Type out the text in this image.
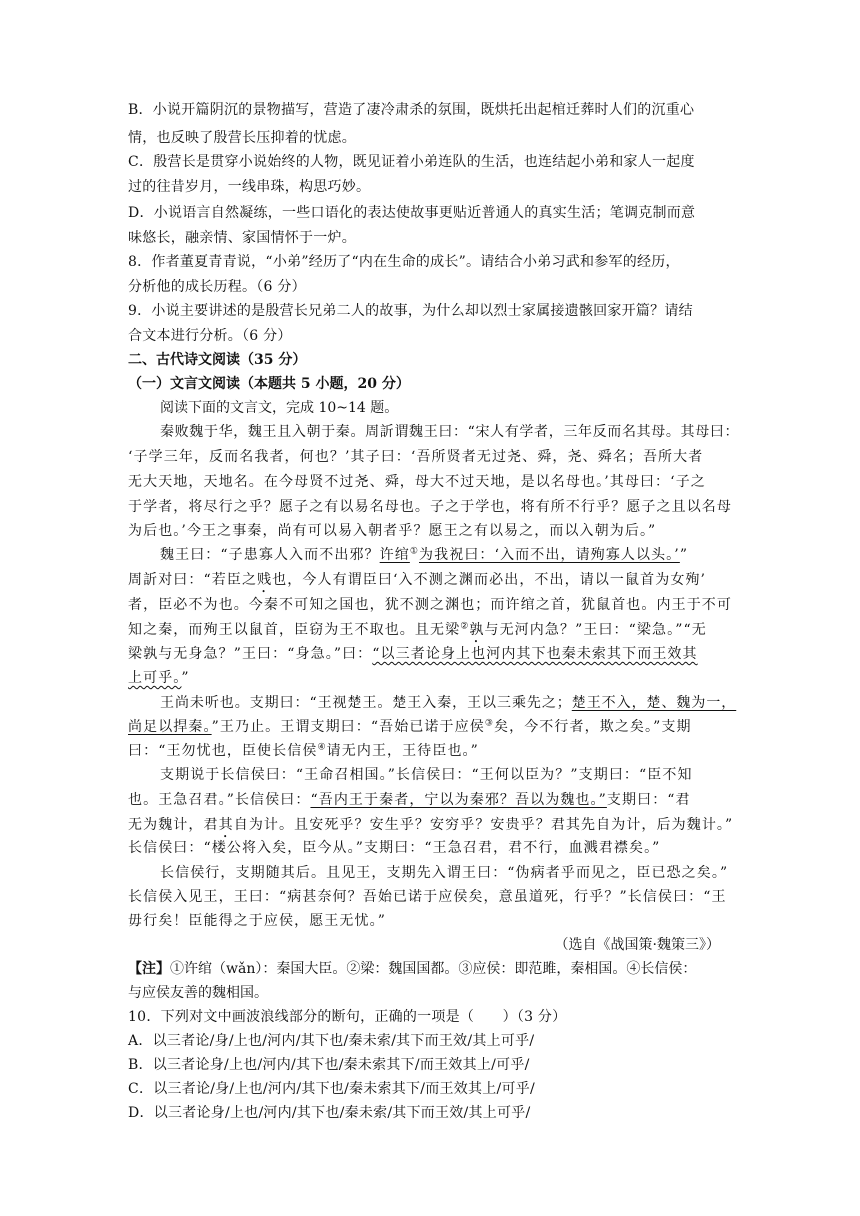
B．小说开篇阴沉的景物描写，营造了凄冷肃杀的氛围，既烘托出起棺迁葬时人们的沉重心
情，也反映了殷营长压抑着的忧虑。
C．殷营长是贯穿小说始终的人物，既见证着小弟连队的生活，也连结起小弟和家人一起度
过的往昔岁月，一线串珠，构思巧妙。
D．小说语言自然凝练，一些口语化的表达使故事更贴近普通人的真实生活；笔调克制而意
味悠长，融亲情、家国情怀于一炉。
8．作者董夏青青说，“小弟”经历了“内在生命的成长”。请结合小弟习武和参军的经历，
分析他的成长历程。（6 分）
9．小说主要讲述的是殷营长兄弟二人的故事，为什么却以烈士家属接遗骸回家开篇？请结
合文本进行分析。（6 分）
二、古代诗文阅读（35 分）
（一）文言文阅读（本题共 5 小题，20 分）
阅读下面的文言文，完成 10~14 题。
秦败魏于华，魏王且入朝于秦。周訢谓魏王曰：“宋人有学者，三年反而名其母。其母曰：
‘子学三年，反而名我者，何也？’其子曰：‘吾所贤者无过尧、舜，尧、舜名；吾所大者
无大天地，天地名。在今母贤不过尧、舜，母大不过天地，是以名母也。’其母曰：‘子之
于学者，将尽行之乎？愿子之有以易名母也。子之于学也，将有所不行乎？愿子之且以名母
为后也。’今王之事秦，尚有可以易入朝者乎？愿王之有以易之，而以入朝为后。”
魏王曰：“子患寡人入而不出邪？许绾①为我祝曰：‘入而不出，请殉寡人以头。’”
周訢对曰：“若臣之贱也，今人有谓臣曰‘入不测之渊而必出，不出，请以一鼠首为女殉’
者，臣必不为也。今秦不可知之国也，犹不测之渊也；而许绾之首，犹鼠首也。内王于不可
知之秦，而殉王以鼠首，臣窃为王不取也。且无梁②孰与无河内急？”王曰：“梁急。”“无
梁孰与无身急？”王曰：“身急。”曰：“以三者论身上也河内其下也秦未索其下而王效其
上可乎。”
王尚未听也。支期曰：“王视楚王。楚王入秦，王以三乘先之；楚王不入，楚、魏为一，
尚足以捍秦。”王乃止。王谓支期曰：“吾始已诺于应侯③矣，今不行者，欺之矣。”支期
曰：“王勿忧也，臣使长信侯④请无内王，王待臣也。”
支期说于长信侯曰：“王命召相国。”长信侯曰：“王何以臣为？”支期曰：“臣不知
也。王急召君。”长信侯曰：“吾内王于秦者，宁以为秦邪？吾以为魏也。”支期曰：“君
无为魏计，君其自为计。且安死乎？安生乎？安穷乎？安贵乎？君其先自为计，后为魏计。”
长信侯曰：“楼公将入矣，臣今从。”支期曰：“王急召君，君不行，血溅君襟矣。”
长信侯行，支期随其后。且见王，支期先入谓王曰：“伪病者乎而见之，臣已恐之矣。”
长信侯入见王，王曰：“病甚奈何？吾始已诺于应侯矣，意虽道死，行乎？”长信侯曰：“王
毋行矣！臣能得之于应侯，愿王无忧。”
（选自《战国策·魏策三》）
【注】①许绾（wǎn）：秦国大臣。②梁：魏国国都。③应侯：即范雎，秦相国。④长信侯：
与应侯友善的魏相国。
10．下列对文中画波浪线部分的断句，正确的一项是（　　）（3 分）
A．以三者论/身/上也/河内/其下也/秦未索/其下而王效/其上可乎/
B．以三者论身/上也/河内/其下也/秦未索其下/而王效其上/可乎/
C．以三者论/身/上也/河内/其下也/秦未索其下/而王效其上/可乎/
D．以三者论身/上也/河内/其下也/秦未索/其下而王效/其上可乎/
